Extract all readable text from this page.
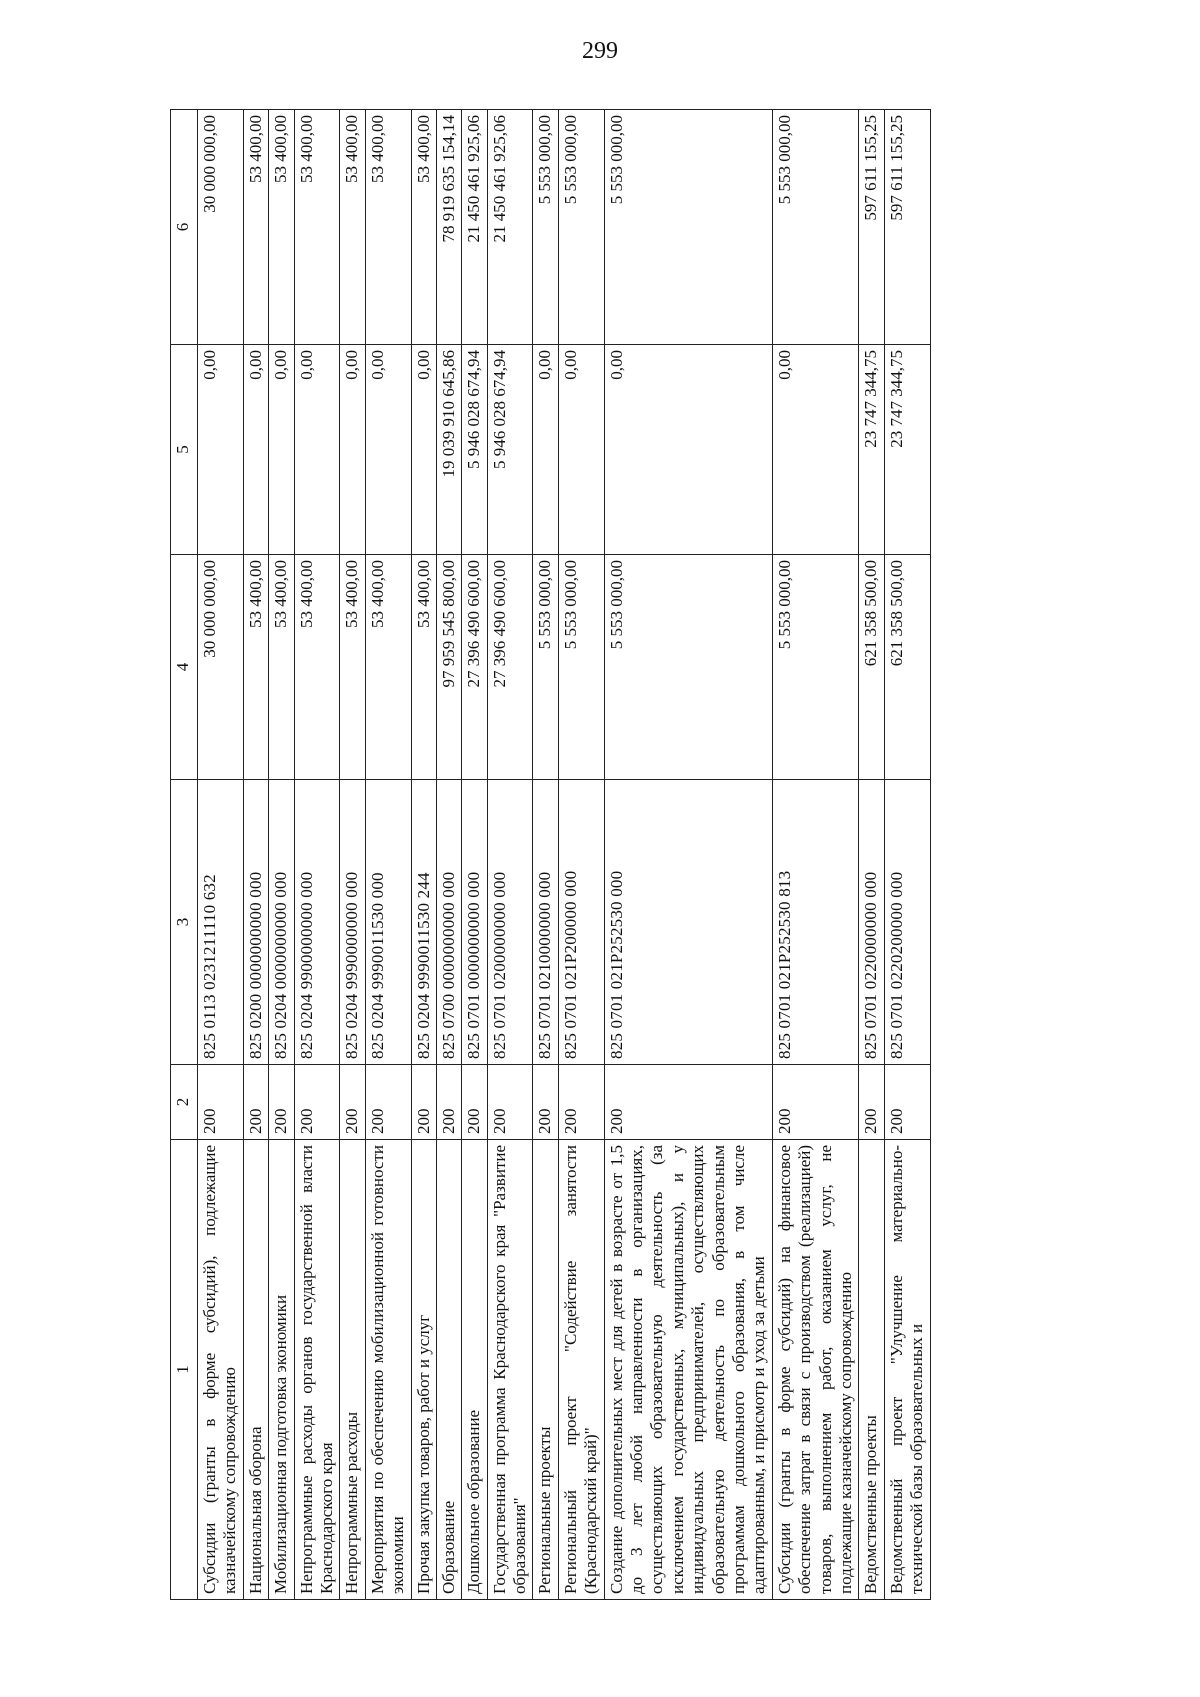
299
1	2	3	4	5	6
Субсидии (гранты в форме субсидий), подлежащие казначейскому сопровождению	200	825 0113 0231211110 632	30 000 000,00	0,00	30 000 000,00
Национальная оборона	200	825 0200 0000000000 000	53 400,00	0,00	53 400,00
Мобилизационная подготовка экономики	200	825 0204 0000000000 000	53 400,00	0,00	53 400,00
Непрограммные расходы органов государственной власти Краснодарского края	200	825 0204 9900000000 000	53 400,00	0,00	53 400,00
Непрограммные расходы	200	825 0204 9990000000 000	53 400,00	0,00	53 400,00
Мероприятия по обеспечению мобилизационной готовности экономики	200	825 0204 9990011530 000	53 400,00	0,00	53 400,00
Прочая закупка товаров, работ и услуг	200	825 0204 9990011530 244	53 400,00	0,00	53 400,00
Образование	200	825 0700 0000000000 000	97 959 545 800,00	19 039 910 645,86	78 919 635 154,14
Дошкольное образование	200	825 0701 0000000000 000	27 396 490 600,00	5 946 028 674,94	21 450 461 925,06
Государственная программа Краснодарского края "Развитие образования"	200	825 0701 0200000000 000	27 396 490 600,00	5 946 028 674,94	21 450 461 925,06
Региональные проекты	200	825 0701 0210000000 000	5 553 000,00	0,00	5 553 000,00
Региональный проект "Содействие занятости (Краснодарский край)"	200	825 0701 021P200000 000	5 553 000,00	0,00	5 553 000,00
Создание дополнительных мест для детей в возрасте от 1,5 до 3 лет любой направленности в организациях, осуществляющих образовательную деятельность (за исключением государственных, муниципальных), и у индивидуальных предпринимателей, осуществляющих образовательную деятельность по образовательным программам дошкольного образования, в том числе адаптированным, и присмотр и уход за детьми	200	825 0701 021P252530 000	5 553 000,00	0,00	5 553 000,00
Субсидии (гранты в форме субсидий) на финансовое обеспечение затрат в связи с производством (реализацией) товаров, выполнением работ, оказанием услуг, не подлежащие казначейскому сопровождению	200	825 0701 021P252530 813	5 553 000,00	0,00	5 553 000,00
Ведомственные проекты	200	825 0701 0220000000 000	621 358 500,00	23 747 344,75	597 611 155,25
Ведомственный проект "Улучшение материально-технической базы образовательных и	200	825 0701 0220200000 000	621 358 500,00	23 747 344,75	597 611 155,25
